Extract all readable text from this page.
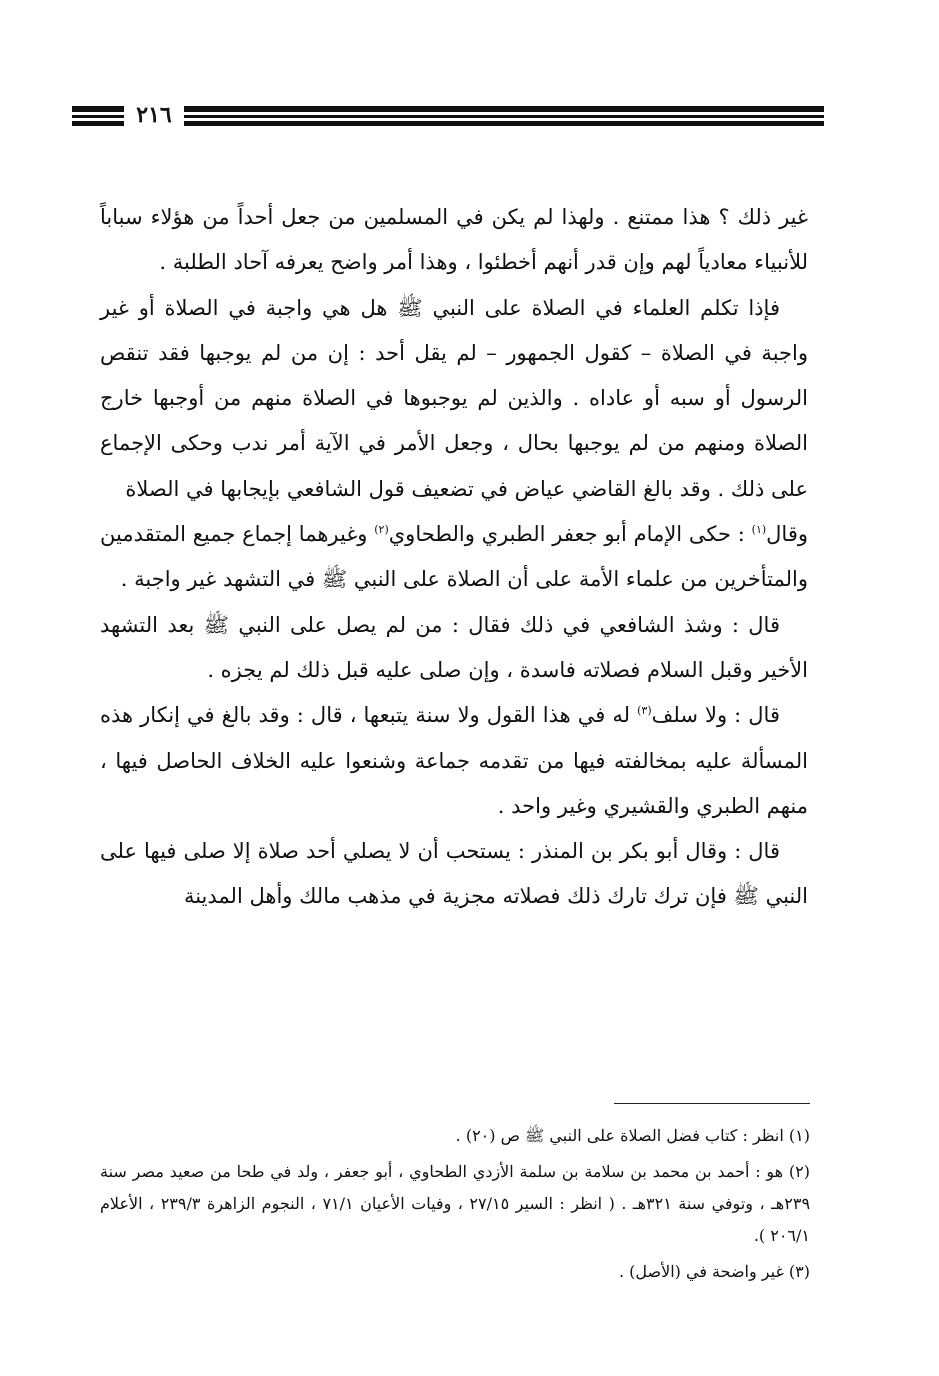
٢١٦

غير ذلك ؟ هذا ممتنع . ولهذا لم يكن في المسلمين من جعل أحداً من هؤلاء سباباً للأنبياء معادياً لهم وإن قدر أنهم أخطئوا ، وهذا أمر واضح يعرفه آحاد الطلبة .

فإذا تكلم العلماء في الصلاة على النبي ﷺ هل هي واجبة في الصلاة أو غير واجبة في الصلاة – كقول الجمهور – لم يقل أحد : إن من لم يوجبها فقد تنقص الرسول أو سبه أو عاداه . والذين لم يوجبوها في الصلاة منهم من أوجبها خارج الصلاة ومنهم من لم يوجبها بحال ، وجعل الأمر في الآية أمر ندب وحكى الإجماع على ذلك . وقد بالغ القاضي عياض في تضعيف قول الشافعي بإيجابها في الصلاة

وقال$^{(١)}$ : حكى الإمام أبو جعفر الطبري والطحاوي$^{(٢)}$ وغيرهما إجماع جميع المتقدمين والمتأخرين من علماء الأمة على أن الصلاة على النبي ﷺ في التشهد غير واجبة .

قال : وشذ الشافعي في ذلك فقال : من لم يصل على النبي ﷺ بعد التشهد الأخير وقبل السلام فصلاته فاسدة ، وإن صلى عليه قبل ذلك لم يجزه .

قال : ولا سلف$^{(٣)}$ له في هذا القول ولا سنة يتبعها ، قال : وقد بالغ في إنكار هذه المسألة عليه بمخالفته فيها من تقدمه جماعة وشنعوا عليه الخلاف الحاصل فيها ، منهم الطبري والقشيري وغير واحد .

قال : وقال أبو بكر بن المنذر : يستحب أن لا يصلي أحد صلاة إلا صلى فيها على النبي ﷺ فإن ترك تارك ذلك فصلاته مجزية في مذهب مالك وأهل المدينة

(١) انظر : كتاب فضل الصلاة على النبي ﷺ ص (٢٠) .

(٢) هو : أحمد بن محمد بن سلامة بن سلمة الأزدي الطحاوي ، أبو جعفر ، ولد في طحا من صعيد مصر سنة ٢٣٩هـ ، وتوفي سنة ٣٢١هـ . ( انظر : السير ٢٧/١٥ ، وفيات الأعيان ٧١/١ ، النجوم الزاهرة ٢٣٩/٣ ، الأعلام ٢٠٦/١ ).

(٣) غير واضحة في (الأصل) .
